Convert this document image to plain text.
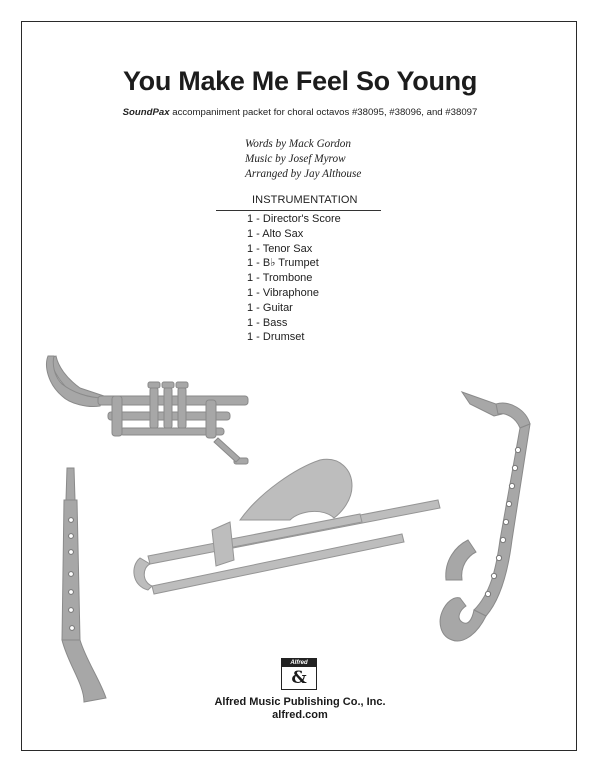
You Make Me Feel So Young
SoundPax accompaniment packet for choral octavos #38095, #38096, and #38097
Words by Mack Gordon
Music by Josef Myrow
Arranged by Jay Althouse
INSTRUMENTATION
1 - Director's Score
1 - Alto Sax
1 - Tenor Sax
1 - B♭ Trumpet
1 - Trombone
1 - Vibraphone
1 - Guitar
1 - Bass
1 - Drumset
Alfred
&
Alfred Music Publishing Co., Inc.
alfred.com
